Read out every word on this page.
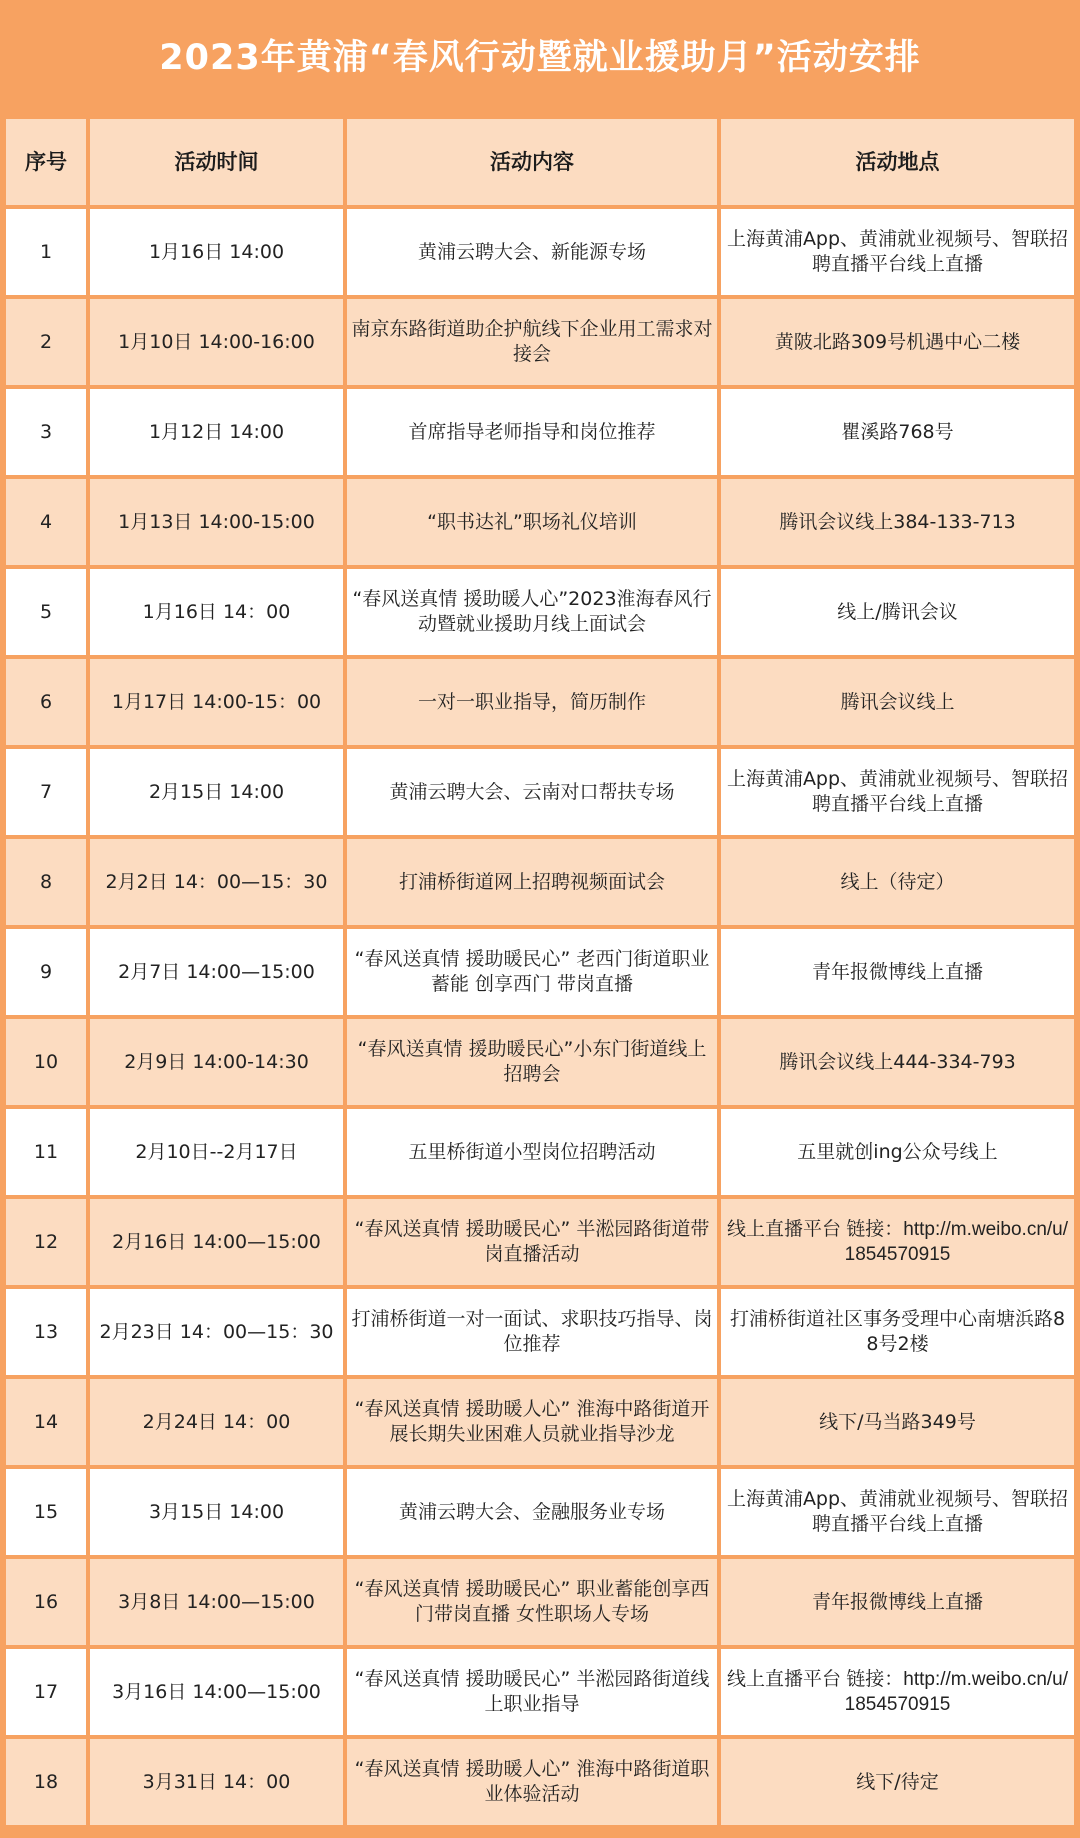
2023年黄浦“春风行动暨就业援助月”活动安排
序号	活动时间	活动内容	活动地点
1	1月16日 14:00	黄浦云聘大会、新能源专场	上海黄浦App、黄浦就业视频号、智联招聘直播平台线上直播
2	1月10日 14:00-16:00	南京东路街道助企护航线下企业用工需求对接会	黄陂北路309号机遇中心二楼
3	1月12日 14:00	首席指导老师指导和岗位推荐	瞿溪路768号
4	1月13日 14:00-15:00	“职书达礼”职场礼仪培训	腾讯会议线上384-133-713
5	1月16日 14：00	“春风送真情 援助暖人心”2023淮海春风行动暨就业援助月线上面试会	线上/腾讯会议
6	1月17日 14:00-15：00	一对一职业指导，简历制作	腾讯会议线上
7	2月15日 14:00	黄浦云聘大会、云南对口帮扶专场	上海黄浦App、黄浦就业视频号、智联招聘直播平台线上直播
8	2月2日 14：00—15：30	打浦桥街道网上招聘视频面试会	线上（待定）
9	2月7日 14:00—15:00	“春风送真情 援助暖民心” 老西门街道职业蓄能 创享西门 带岗直播	青年报微博线上直播
10	2月9日 14:00-14:30	“春风送真情 援助暖民心”小东门街道线上招聘会	腾讯会议线上444-334-793
11	2月10日--2月17日	五里桥街道小型岗位招聘活动	五里就创ing公众号线上
12	2月16日 14:00—15:00	“春风送真情 援助暖民心” 半淞园路街道带岗直播活动	线上直播平台 链接：http://m.weibo.cn/u/1854570915
13	2月23日 14：00—15：30	打浦桥街道一对一面试、求职技巧指导、岗位推荐	打浦桥街道社区事务受理中心南塘浜路88号2楼
14	2月24日 14：00	“春风送真情 援助暖人心” 淮海中路街道开展长期失业困难人员就业指导沙龙	线下/马当路349号
15	3月15日 14:00	黄浦云聘大会、金融服务业专场	上海黄浦App、黄浦就业视频号、智联招聘直播平台线上直播
16	3月8日 14:00—15:00	“春风送真情 援助暖民心” 职业蓄能创享西门带岗直播 女性职场人专场	青年报微博线上直播
17	3月16日 14:00—15:00	“春风送真情 援助暖民心” 半淞园路街道线上职业指导	线上直播平台 链接：http://m.weibo.cn/u/1854570915
18	3月31日 14：00	“春风送真情 援助暖人心” 淮海中路街道职业体验活动	线下/待定
